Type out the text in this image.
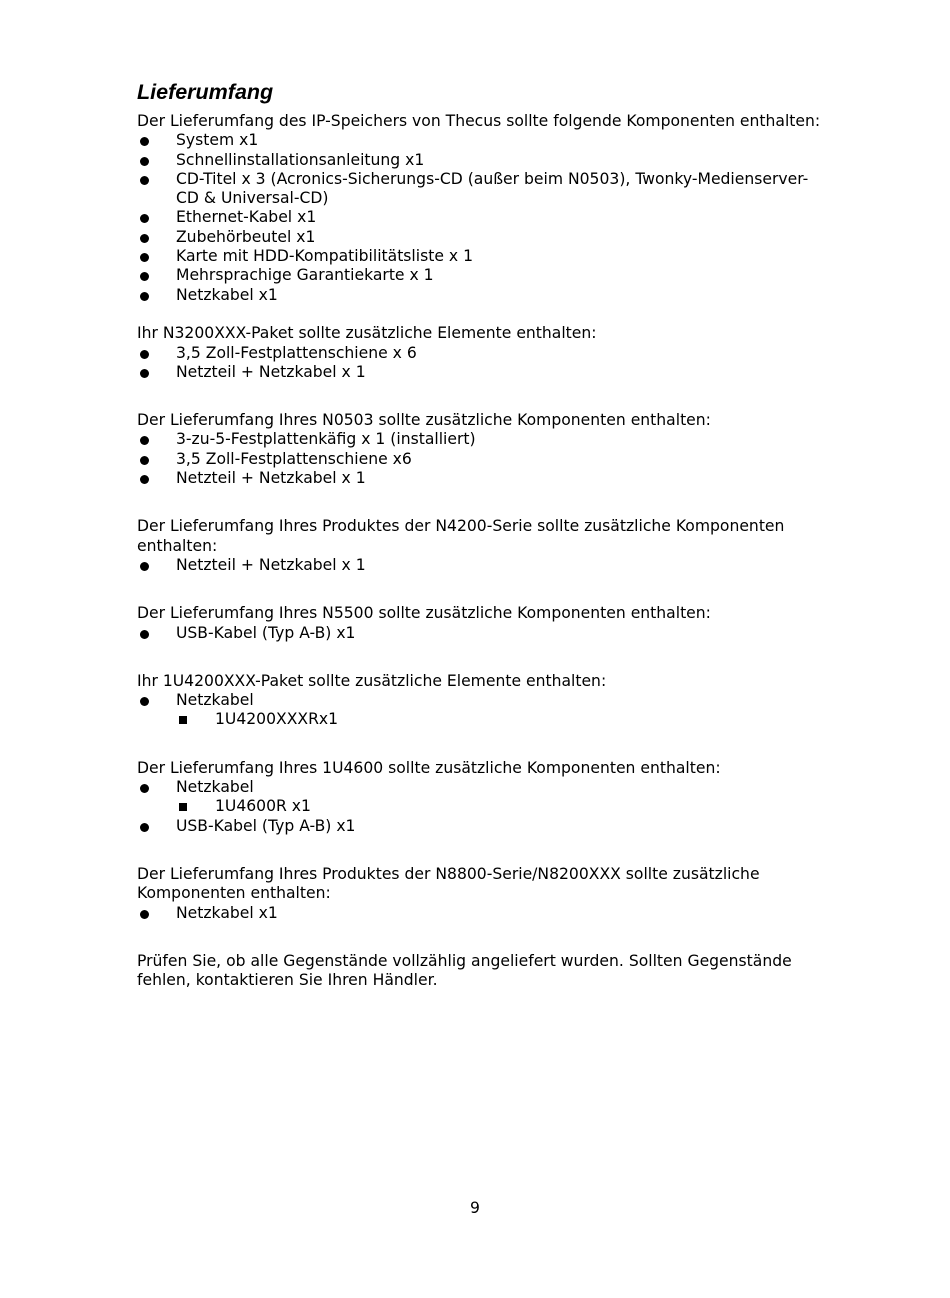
Lieferumfang

Der Lieferumfang des IP-Speichers von Thecus sollte folgende Komponenten enthalten:

System x1
Schnellinstallationsanleitung x1
CD-Titel x 3 (Acronics-Sicherungs-CD (außer beim N0503), Twonky-Medienserver-CD & Universal-CD)
Ethernet-Kabel x1
Zubehörbeutel x1
Karte mit HDD-Kompatibilitätsliste x 1
Mehrsprachige Garantiekarte x 1
Netzkabel x1

Ihr N3200XXX-Paket sollte zusätzliche Elemente enthalten:

3,5 Zoll-Festplattenschiene x 6
Netzteil + Netzkabel x 1

Der Lieferumfang Ihres N0503 sollte zusätzliche Komponenten enthalten:

3-zu-5-Festplattenkäfig x 1 (installiert)
3,5 Zoll-Festplattenschiene x6
Netzteil + Netzkabel x 1

Der Lieferumfang Ihres Produktes der N4200-Serie sollte zusätzliche Komponenten enthalten:

Netzteil + Netzkabel x 1

Der Lieferumfang Ihres N5500 sollte zusätzliche Komponenten enthalten:

USB-Kabel (Typ A-B) x1

Ihr 1U4200XXX-Paket sollte zusätzliche Elemente enthalten:

Netzkabel
1U4200XXXRx1

Der Lieferumfang Ihres 1U4600 sollte zusätzliche Komponenten enthalten:

Netzkabel
1U4600R x1
USB-Kabel (Typ A-B) x1

Der Lieferumfang Ihres Produktes der N8800-Serie/N8200XXX sollte zusätzliche Komponenten enthalten:

Netzkabel x1

Prüfen Sie, ob alle Gegenstände vollzählig angeliefert wurden. Sollten Gegenstände fehlen, kontaktieren Sie Ihren Händler.

9
